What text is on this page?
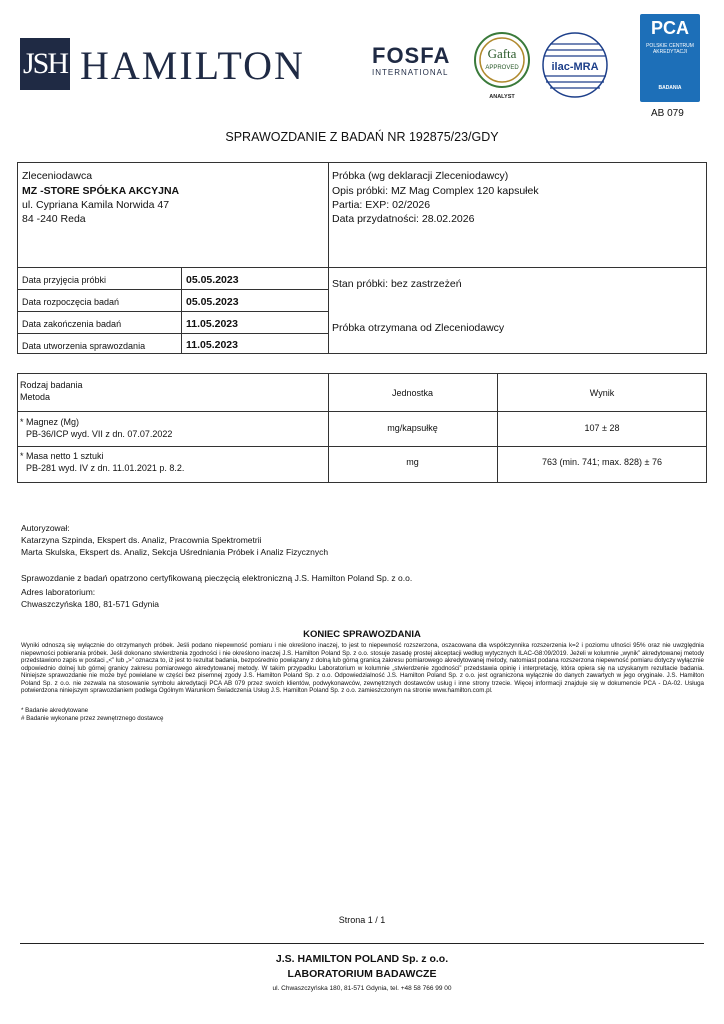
JSH HAMILTON	FOSFA
INTERNATIONAL
Gafta
APPROVED
ANALYST
ilac-MRA
PCA
POLSKIE CENTRUM
AKREDYTACJI
BADANIA
AB 079
SPRAWOZDANIE Z BADAŃ NR 192875/23/GDY
Zleceniodawca
MZ -STORE SPÓŁKA AKCYJNA
ul. Cypriana Kamila Norwida 47
84 -240 Reda
Próbka (wg deklaracji Zleceniodawcy)
Opis próbki: MZ Mag Complex 120 kapsułek
Partia: EXP: 02/2026
Data przydatności: 28.02.2026
Data przyjęcia próbki	05.05.2023
Data rozpoczęcia badań	05.05.2023
Data zakończenia badań	11.05.2023
Data utworzenia sprawozdania	11.05.2023
Stan próbki: bez zastrzeżeń
Próbka otrzymana od Zleceniodawcy
Rodzaj badania
Metoda	Jednostka	Wynik
* Magnez (Mg)
PB-36/ICP wyd. VII z dn. 07.07.2022
mg/kapsułkę	107 ± 28
* Masa netto 1 sztuki
PB-281 wyd. IV z dn. 11.01.2021 p. 8.2.
mg	763 (min. 741; max. 828) ± 76
Autoryzował:
Katarzyna Szpinda, Ekspert ds. Analiz, Pracownia Spektrometrii
Marta Skulska, Ekspert ds. Analiz, Sekcja Uśredniania Próbek i Analiz Fizycznych
Sprawozdanie z badań opatrzono certyfikowaną pieczęcią elektroniczną J.S. Hamilton Poland Sp. z o.o.
Adres laboratorium:
Chwaszczyńska 180, 81-571 Gdynia
KONIEC SPRAWOZDANIA
Wyniki odnoszą się wyłącznie do otrzymanych próbek. Jeśli podano niepewność pomiaru i nie określono inaczej, to jest to niepewność rozszerzona, oszacowana dla współczynnika rozszerzenia k=2 i poziomu ufności 95% oraz nie uwzględnia niepewności pobierania próbek. Jeśli dokonano stwierdzenia zgodności i nie określono inaczej J.S. Hamilton Poland Sp. z o.o. stosuje zasadę prostej akceptacji według wytycznych ILAC-G8:09/2019. Jeżeli w kolumnie „wynik” akredytowanej metody przedstawiono zapis w postaci „<” lub „>” oznacza to, iż jest to rezultat badania, bezpośrednio powiązany z dolną lub górną granicą zakresu pomiarowego akredytowanej metody, natomiast podana rozszerzona niepewność pomiaru dotyczy wyłącznie odpowiednio dolnej lub górnej granicy zakresu pomiarowego akredytowanej metody. W takim przypadku Laboratorium w kolumnie „stwierdzenie zgodności” przedstawia opinię i interpretację, która opiera się na uzyskanym rezultacie badania. Niniejsze sprawozdanie nie może być powielane w części bez pisemnej zgody J.S. Hamilton Poland Sp. z o.o. Odpowiedzialność J.S. Hamilton Poland Sp. z o.o. jest ograniczona wyłącznie do danych zawartych w jego oryginale. J.S. Hamilton Poland Sp. z o.o. nie zezwala na stosowanie symbolu akredytacji PCA AB 079 przez swoich klientów, podwykonawców, zewnętrznych dostawców usług i inne strony trzecie. Więcej informacji znajduje się w dokumencie PCA - DA-02. Usługa potwierdzona niniejszym sprawozdaniem podlega Ogólnym Warunkom Świadczenia Usług J.S. Hamilton Poland Sp. z o.o. zamieszczonym na stronie www.hamilton.com.pl.
* Badanie akredytowane
# Badanie wykonane przez zewnętrznego dostawcę
Strona 1 / 1
J.S. HAMILTON POLAND Sp. z o.o.
LABORATORIUM BADAWCZE
ul. Chwaszczyńska 180, 81-571 Gdynia, tel. +48 58 766 99 00
